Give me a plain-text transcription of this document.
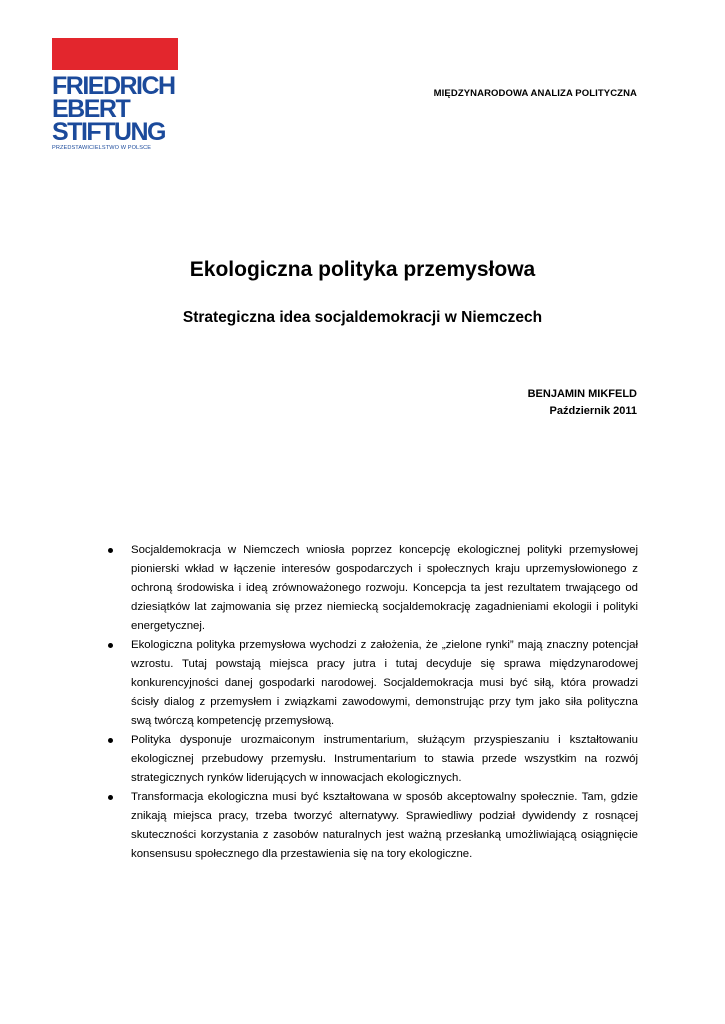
FRIEDRICH
EBERT
STIFTUNG
PRZEDSTAWICIELSTWO W POLSCE
MIĘDZYNARODOWA ANALIZA POLITYCZNA
Ekologiczna polityka przemysłowa
Strategiczna idea socjaldemokracji w Niemczech
BENJAMIN MIKFELD
Październik 2011
Socjaldemokracja w Niemczech wniosła poprzez koncepcję ekologicznej polityki przemysłowej pionierski wkład w łączenie interesów gospodarczych i społecznych kraju uprzemysłowionego z ochroną środowiska i ideą zrównoważonego rozwoju. Koncepcja ta jest rezultatem trwającego od dziesiątków lat zajmowania się przez niemiecką socjaldemokrację zagadnieniami ekologii i polityki energetycznej.
Ekologiczna polityka przemysłowa wychodzi z założenia, że „zielone rynki” mają znaczny potencjał wzrostu. Tutaj powstają miejsca pracy jutra i tutaj decyduje się sprawa międzynarodowej konkurencyjności danej gospodarki narodowej. Socjaldemokracja musi być siłą, która prowadzi ścisły dialog z przemysłem i związkami zawodowymi, demonstrując przy tym jako siła polityczna swą twórczą kompetencję przemysłową.
Polityka dysponuje urozmaiconym instrumentarium, służącym przyspieszaniu i kształtowaniu ekologicznej przebudowy przemysłu. Instrumentarium to stawia przede wszystkim na rozwój strategicznych rynków liderujących w innowacjach ekologicznych.
Transformacja ekologiczna musi być kształtowana w sposób akceptowalny społecznie. Tam, gdzie znikają miejsca pracy, trzeba tworzyć alternatywy. Sprawiedliwy podział dywidendy z rosnącej skuteczności korzystania z zasobów naturalnych jest ważną przesłanką umożliwiającą osiągnięcie konsensusu społecznego dla przestawienia się na tory ekologiczne.
